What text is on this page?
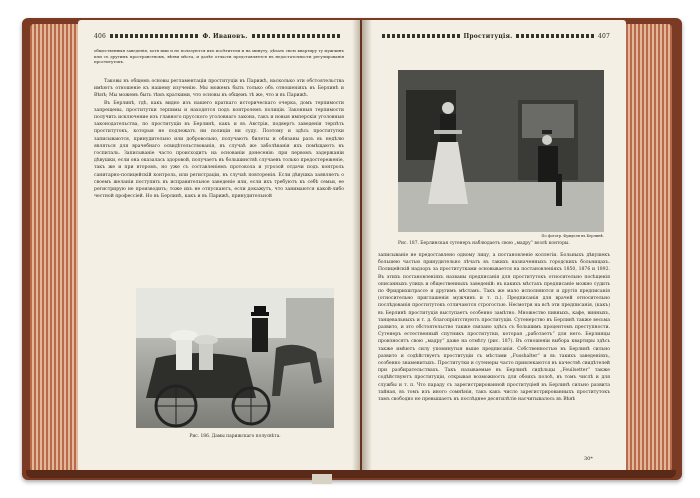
406	Ф. Ивановъ.

общественныя заведенія, хотя ими и не пользуются ихъ посѣтители и на минуту, дѣлать свою квартиру ту мужчинъ или съ другимъ пространствомъ, вѣтви мѣста, и далѣе отчасти представляется въ недостаточности регулированія проститутокъ.

Таковы въ общемъ основы регламентаціи проституціи въ Парижѣ, насколько эти обстоятельства имѣютъ отношеніе къ нашему изученію. Мы можемъ быть только объ отношеніяхъ въ Берлинѣ и Вѣнѣ; Мы можемъ быть тѣмъ краткими, что основы въ общемъ тѣ же, что и въ Парижѣ.

Въ Берлинѣ, гдѣ, какъ видно изъ нашего краткаго историческаго очерка, домъ терпимости запрещены, проститутки терпимы и находятся подъ контролемъ полиціи. Законныя терпимости получить исключение изъ главного прусского уголовнаго закона, такъ и новыя имперскія уголовныя законодательства, по проституціи въ Берлинѣ, какъ и въ Австріи, подвергъ заведенія терпѣть проститутокъ, которыя не подлежатъ ни полиціи ни суду. Поэтому и здѣсь проститутки записываются, принудительно или добровольно, получаютъ билеты и обязаны разъ въ недѣлю являться для врачебнаго освидѣтельствованія, въ случаѣ же заболѣванія ихъ помѣщаютъ въ госпиталь. Записываніе часто происходитъ на основаніи донесенія: при первомъ задержаніи дѣвушки, если она оказалась здоровой, получаетъ въ большинствѣ случаевъ только предостереженіе, такъ же и при второмъ, но уже съ составленіемъ протокола и угрозой отдачи подъ контроль санитарно-полицейскій контроль, или регистраціи, въ случаѣ повторенія. Если дѣвушка заявляетъ о своемъ желаніи поступить въ исправительное заведеніе или, если ихъ требуютъ къ себѣ семьи, ее регистрирую не производить; тоже ихъ не отпускаютъ, если докажутъ, что занимаются какой-либо честной профессіей. Но въ Берлинѣ, какъ и въ Парижѣ, принудительной

Рис. 186. Дамы парижскаго полусвѣта.
Проституція.	407
По фотогр. Фриделя въ Берлинѣ.
Рис. 187. Берлинская сутенеръ наблюдаетъ свою „мадру“ возлѣ конторы.

записываніе не предоставлено одному лицу, а постановленіе коллегіи. Больныхъ дѣвушекъ большею частью принудительно лѣчатъ въ такихъ назначенныхъ городскихъ больницахъ. Полицейскій надзоръ за проститутками основывается на постановленіяхъ 1850, 1876 и 1892. Въ этихъ постановленіяхъ названы предписанія для проститутокъ относительно посѣщенія описанныхъ улицъ и общественныхъ заведеній: въ какихъ мѣстахъ предписаніе можно судить по Фридрихштрассе и другимъ мѣстамъ. Такъ же мало исполняются и другія предписанія (относительно приглашенія мужчинъ и т. п.). Предписанія для врачей относительно послѣдованія проститутокъ отличаются строгостью. Несмотря на всѣ эти предписанія, (какъ) въ Берлинѣ проституція выступаетъ особенно замѣтно. Множество пивныхъ, кафе, винныхъ, танцевальныхъ и т. д. благопріятствуютъ проституціи. Сутенерство въ Берлинѣ также весьма развито, и это обстоятельство также связано здѣсь съ большимъ процентомъ преступности. Сутенеръ естественный спутникъ проститутки, которая „работаетъ“ для него. Берлинцы произносятъ свою „мадру“ даже на отмѣту (рис. 187). Въ отношеніи выбора квартиры здѣсь также имѣютъ силу упомянутыя выше предписанія. Собственностью въ Берлинѣ сильно развито и содѣйствуетъ проституціи съ мѣстами „Fusshalter“ и въ такихъ заведеніяхъ, особенно знаменитыхъ. Проститутки и сутенеры часто привлекаются въ качествѣ свидѣтелей при разбирательствахъ. Такъ называемые въ Берлинѣ сидѣльцы „Feuilsetter“ также содѣйствуютъ проституціи, открывая возможность для обоихъ полоѣ, въ томъ числѣ и для службы и т. п. Что параду съ зарегистрированной проституціей въ Берлинѣ сильно развита тайная, въ томъ изъ иного сомнѣнія, такъ какъ число зарегистрированныхъ проститутокъ тамъ свободно не превышаетъ въ послѣднее десятилѣтіе насчитывалось въ Вѣнѣ

30*
